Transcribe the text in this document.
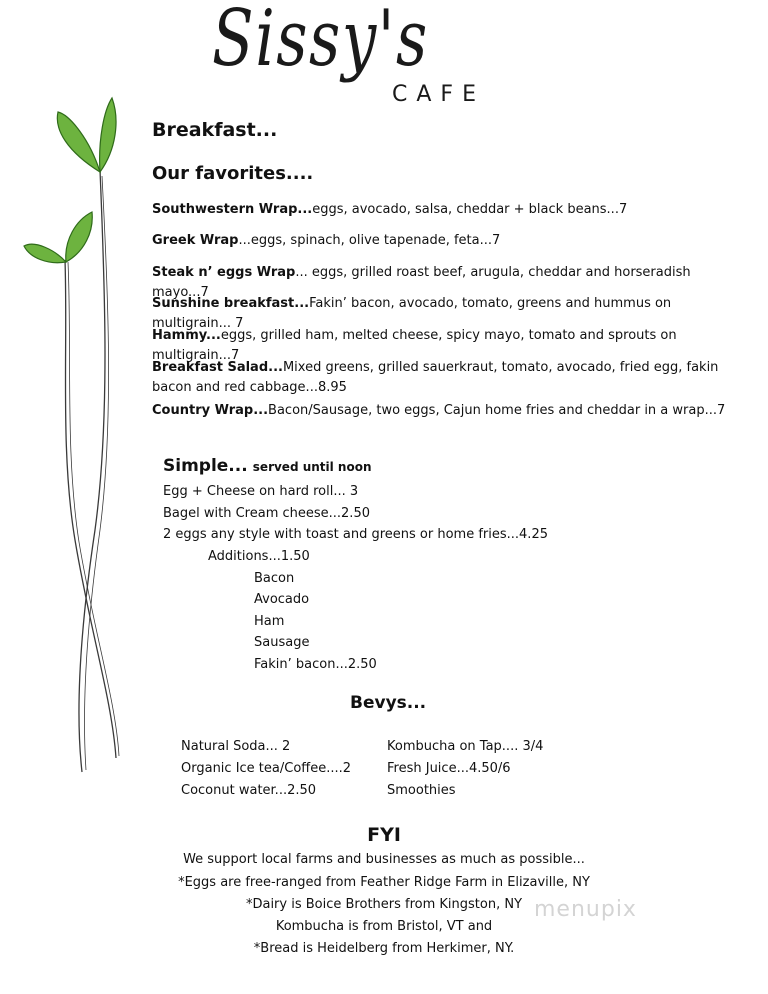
Sissy's
CAFE
Breakfast...
Our favorites....
Southwestern Wrap...eggs, avocado, salsa, cheddar + black beans...7
Greek Wrap...eggs, spinach, olive tapenade, feta...7
Steak n’ eggs Wrap... eggs, grilled roast beef, arugula, cheddar and horseradish mayo...7
Sunshine breakfast...Fakin’ bacon, avocado, tomato, greens and hummus on multigrain... 7
Hammy...eggs, grilled ham, melted cheese, spicy mayo, tomato and sprouts on multigrain...7
Breakfast Salad...Mixed greens, grilled sauerkraut, tomato, avocado, fried egg, fakin bacon and red cabbage...8.95
Country Wrap...Bacon/Sausage, two eggs, Cajun home fries and cheddar in a wrap...7
Simple... served until noon
Egg + Cheese on hard roll... 3
Bagel with Cream cheese...2.50
2 eggs any style with toast and greens or home fries...4.25
Additions...1.50
Bacon
Avocado
Ham
Sausage
Fakin’ bacon...2.50
Bevys...
Natural Soda... 2
Organic Ice tea/Coffee....2
Coconut water...2.50
Kombucha on Tap.... 3/4
Fresh Juice...4.50/6
Smoothies
FYI
We support local farms and businesses as much as possible...
*Eggs are free-ranged from Feather Ridge Farm in Elizaville, NY
*Dairy is Boice Brothers from Kingston, NY
Kombucha is from Bristol, VT and
*Bread is Heidelberg from Herkimer, NY.
menupix
